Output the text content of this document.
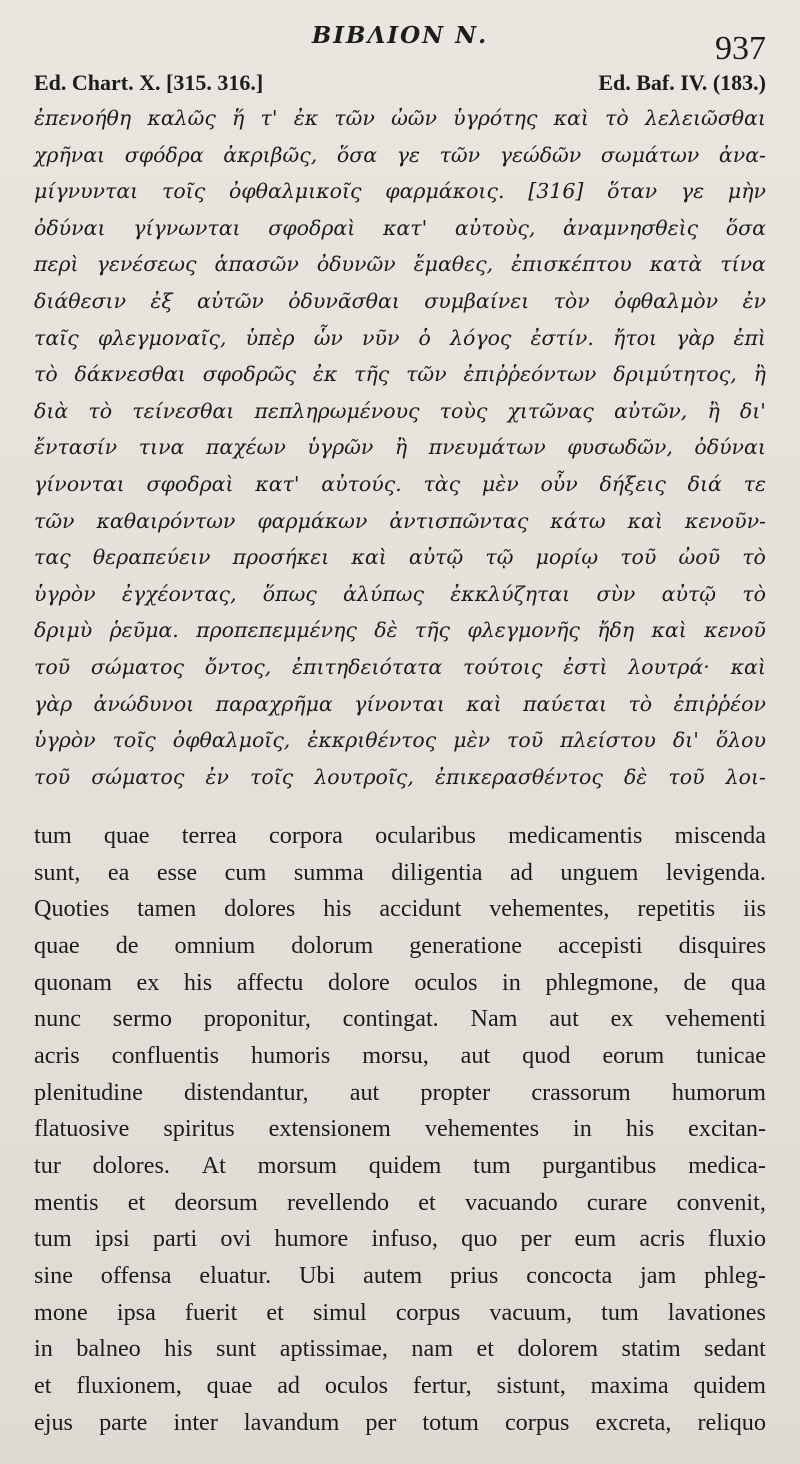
ΒΙΒΛΙΟΝ Ν.	937
Ed. Chart. X. [315. 316.]	Ed. Baf. IV. (183.)
ἐπενοήθη καλῶς ἥ τ' ἐκ τῶν ὠῶν ὑγρότης καὶ τὸ λελειῶσθαι
χρῆναι σφόδρα ἀκριβῶς, ὅσα γε τῶν γεώδῶν σωμάτων ἀνα-
μίγνυνται τοῖς ὀφθαλμικοῖς φαρμάκοις. [316] ὅταν γε μὴν
ὀδύναι γίγνωνται σφοδραὶ κατ' αὐτοὺς, ἀναμνησθεὶς ὅσα
περὶ γενέσεως ἁπασῶν ὀδυνῶν ἔμαθες, ἐπισκέπτου κατὰ τίνα
διάθεσιν ἐξ αὐτῶν ὀδυνᾶσθαι συμβαίνει τὸν ὀφθαλμὸν ἐν
ταῖς φλεγμοναῖς, ὑπὲρ ὧν νῦν ὁ λόγος ἐστίν. ἤτοι γὰρ ἐπὶ
τὸ δάκνεσθαι σφοδρῶς ἐκ τῆς τῶν ἐπιῤῥεόντων δριμύτητος, ἢ
διὰ τὸ τείνεσθαι πεπληρωμένους τοὺς χιτῶνας αὐτῶν, ἢ δι'
ἔντασίν τινα παχέων ὑγρῶν ἢ πνευμάτων φυσωδῶν, ὀδύναι
γίνονται σφοδραὶ κατ' αὐτούς. τὰς μὲν οὖν δήξεις διά τε
τῶν καθαιρόντων φαρμάκων ἀντισπῶντας κάτω καὶ κενοῦν-
τας θεραπεύειν προσήκει καὶ αὐτῷ τῷ μορίῳ τοῦ ὠοῦ τὸ
ὑγρὸν ἐγχέοντας, ὅπως ἀλύπως ἐκκλύζηται σὺν αὐτῷ τὸ
δριμὺ ῥεῦμα. προπεπεμμένης δὲ τῆς φλεγμονῆς ἤδη καὶ κενοῦ
τοῦ σώματος ὄντος, ἐπιτηδειότατα τούτοις ἐστὶ λουτρά· καὶ
γὰρ ἀνώδυνοι παραχρῆμα γίνονται καὶ παύεται τὸ ἐπιῤῥέον
ὑγρὸν τοῖς ὀφθαλμοῖς, ἐκκριθέντος μὲν τοῦ πλείστου δι' ὅλου
τοῦ σώματος ἐν τοῖς λουτροῖς, ἐπικερασθέντος δὲ τοῦ λοι-
tum quae terrea corpora ocularibus medicamentis miscenda
sunt, ea esse cum summa diligentia ad unguem levigenda.
Quoties tamen dolores his accidunt vehementes, repetitis iis
quae de omnium dolorum generatione accepisti disquires
quonam ex his affectu dolore oculos in phlegmone, de qua
nunc sermo proponitur, contingat. Nam aut ex vehementi
acris confluentis humoris morsu, aut quod eorum tunicae
plenitudine distendantur, aut propter crassorum humorum
flatuosive spiritus extensionem vehementes in his excitan-
tur dolores. At morsum quidem tum purgantibus medica-
mentis et deorsum revellendo et vacuando curare convenit,
tum ipsi parti ovi humore infuso, quo per eum acris fluxio
sine offensa eluatur. Ubi autem prius concocta jam phleg-
mone ipsa fuerit et simul corpus vacuum, tum lavationes
in balneo his sunt aptissimae, nam et dolorem statim sedant
et fluxionem, quae ad oculos fertur, sistunt, maxima quidem
ejus parte inter lavandum per totum corpus excreta, reliquo
